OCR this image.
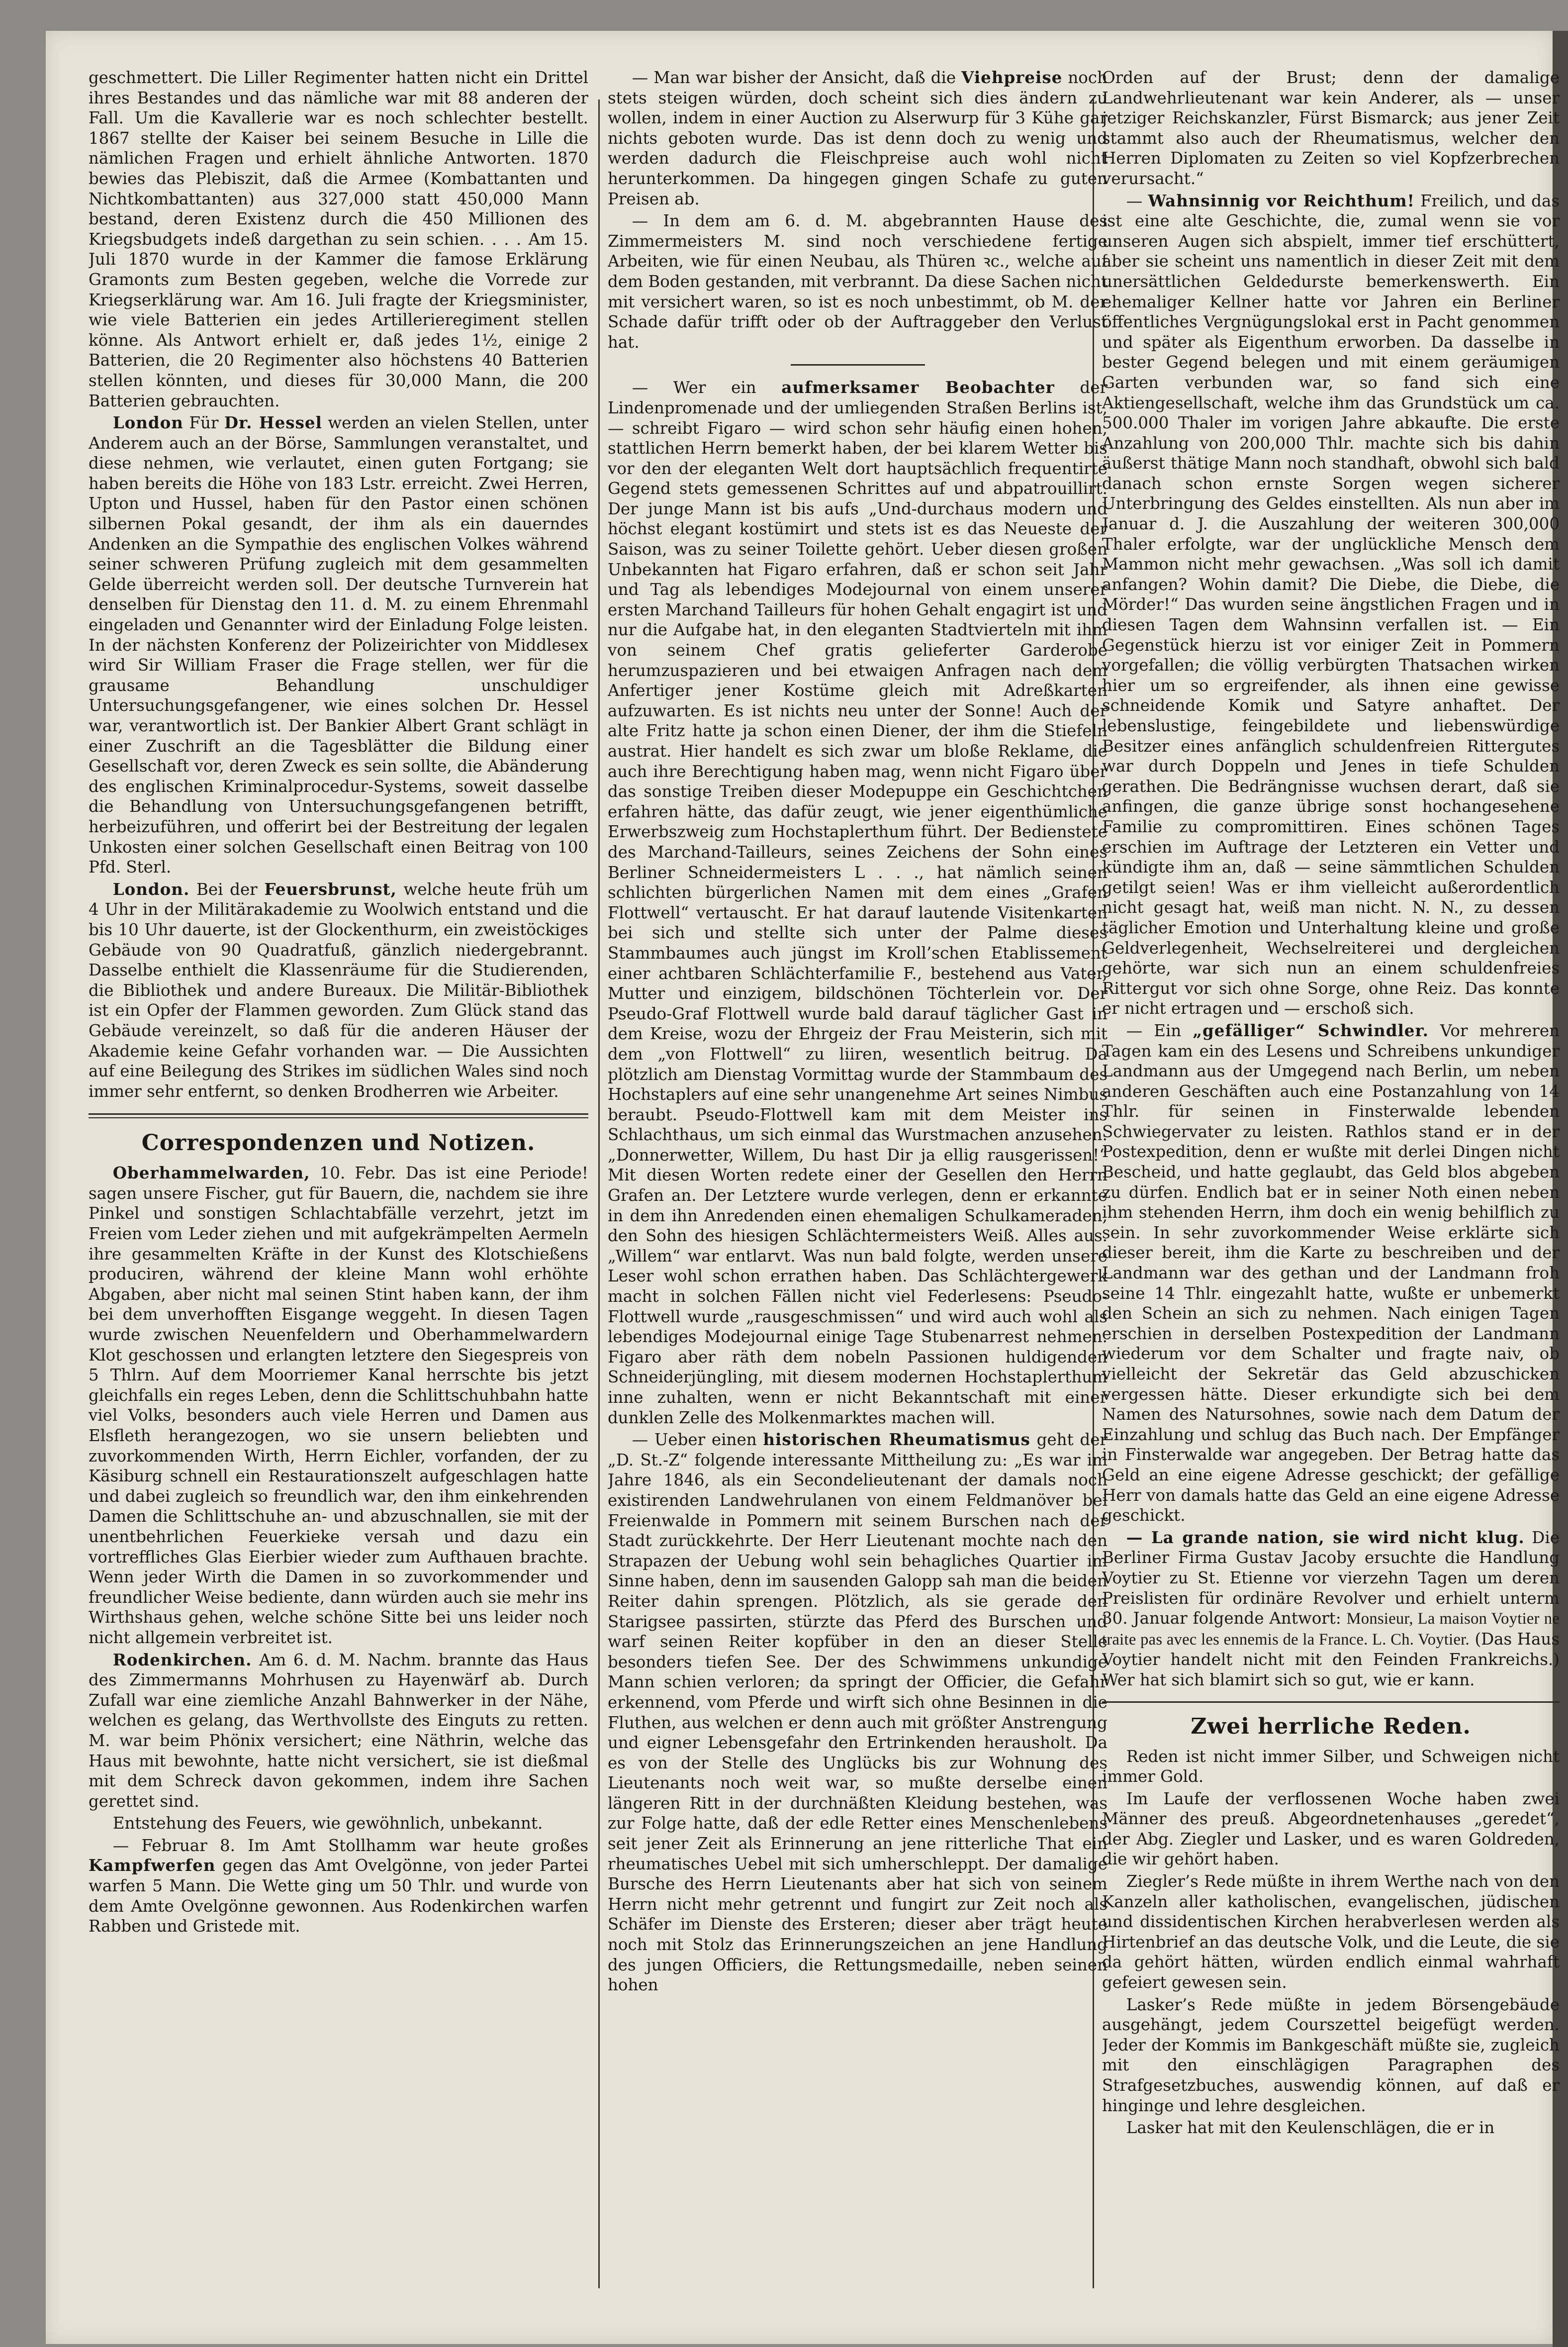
geschmettert. Die Liller Regimenter hatten nicht ein Drittel ihres Bestandes und das nämliche war mit 88 anderen der Fall. Um die Kavallerie war es noch schlechter bestellt. 1867 stellte der Kaiser bei seinem Besuche in Lille die nämlichen Fragen und erhielt ähnliche Antworten. 1870 bewies das Plebiszit, daß die Armee (Kombattanten und Nichtkombattanten) aus 327,000 statt 450,000 Mann bestand, deren Existenz durch die 450 Millionen des Kriegsbudgets indeß dargethan zu sein schien. . . . Am 15. Juli 1870 wurde in der Kammer die famose Erklärung Gramonts zum Besten gegeben, welche die Vorrede zur Kriegserklärung war. Am 16. Juli fragte der Kriegsminister, wie viele Batterien ein jedes Artillerieregiment stellen könne. Als Antwort erhielt er, daß jedes 1½, einige 2 Batterien, die 20 Regimenter also höchstens 40 Batterien stellen könnten, und dieses für 30,000 Mann, die 200 Batterien gebrauchten.

London Für Dr. Hessel werden an vielen Stellen, unter Anderem auch an der Börse, Sammlungen veranstaltet, und diese nehmen, wie verlautet, einen guten Fortgang; sie haben bereits die Höhe von 183 Lstr. erreicht. Zwei Herren, Upton und Hussel, haben für den Pastor einen schönen silbernen Pokal gesandt, der ihm als ein dauerndes Andenken an die Sympathie des englischen Volkes während seiner schweren Prüfung zugleich mit dem gesammelten Gelde überreicht werden soll. Der deutsche Turnverein hat denselben für Dienstag den 11. d. M. zu einem Ehrenmahl eingeladen und Genannter wird der Einladung Folge leisten. In der nächsten Konferenz der Polizeirichter von Middlesex wird Sir William Fraser die Frage stellen, wer für die grausame Behandlung unschuldiger Untersuchungsgefangener, wie eines solchen Dr. Hessel war, verantwortlich ist. Der Bankier Albert Grant schlägt in einer Zuschrift an die Tagesblätter die Bildung einer Gesellschaft vor, deren Zweck es sein sollte, die Abänderung des englischen Kriminalprocedur-Systems, soweit dasselbe die Behandlung von Untersuchungsgefangenen betrifft, herbeizuführen, und offerirt bei der Bestreitung der legalen Unkosten einer solchen Gesellschaft einen Beitrag von 100 Pfd. Sterl.

London. Bei der Feuersbrunst, welche heute früh um 4 Uhr in der Militärakademie zu Woolwich entstand und die bis 10 Uhr dauerte, ist der Glockenthurm, ein zweistöckiges Gebäude von 90 Quadratfuß, gänzlich niedergebrannt. Dasselbe enthielt die Klassenräume für die Studierenden, die Bibliothek und andere Bureaux. Die Militär-Bibliothek ist ein Opfer der Flammen geworden. Zum Glück stand das Gebäude vereinzelt, so daß für die anderen Häuser der Akademie keine Gefahr vorhanden war. — Die Aussichten auf eine Beilegung des Strikes im südlichen Wales sind noch immer sehr entfernt, so denken Brodherren wie Arbeiter.

Correspondenzen und Notizen.

Oberhammelwarden, 10. Febr. Das ist eine Periode! sagen unsere Fischer, gut für Bauern, die, nachdem sie ihre Pinkel und sonstigen Schlachtabfälle verzehrt, jetzt im Freien vom Leder ziehen und mit aufgekrämpelten Aermeln ihre gesammelten Kräfte in der Kunst des Klotschießens produciren, während der kleine Mann wohl erhöhte Abgaben, aber nicht mal seinen Stint haben kann, der ihm bei dem unverhofften Eisgange weggeht. In diesen Tagen wurde zwischen Neuenfeldern und Oberhammelwardern Klot geschossen und erlangten letztere den Siegespreis von 5 Thlrn. Auf dem Moorriemer Kanal herrschte bis jetzt gleichfalls ein reges Leben, denn die Schlittschuhbahn hatte viel Volks, besonders auch viele Herren und Damen aus Elsfleth herangezogen, wo sie unsern beliebten und zuvorkommenden Wirth, Herrn Eichler, vorfanden, der zu Käsiburg schnell ein Restaurationszelt aufgeschlagen hatte und dabei zugleich so freundlich war, den ihm einkehrenden Damen die Schlittschuhe an- und abzuschnallen, sie mit der unentbehrlichen Feuerkieke versah und dazu ein vortreffliches Glas Eierbier wieder zum Aufthauen brachte. Wenn jeder Wirth die Damen in so zuvorkommender und freundlicher Weise bediente, dann würden auch sie mehr ins Wirthshaus gehen, welche schöne Sitte bei uns leider noch nicht allgemein verbreitet ist.

Rodenkirchen. Am 6. d. M. Nachm. brannte das Haus des Zimmermanns Mohrhusen zu Hayenwärf ab. Durch Zufall war eine ziemliche Anzahl Bahnwerker in der Nähe, welchen es gelang, das Werthvollste des Einguts zu retten. M. war beim Phönix versichert; eine Näthrin, welche das Haus mit bewohnte, hatte nicht versichert, sie ist dießmal mit dem Schreck davon gekommen, indem ihre Sachen gerettet sind.

Entstehung des Feuers, wie gewöhnlich, unbekannt.

— Februar 8. Im Amt Stollhamm war heute großes Kampfwerfen gegen das Amt Ovelgönne, von jeder Partei warfen 5 Mann. Die Wette ging um 50 Thlr. und wurde von dem Amte Ovelgönne gewonnen. Aus Rodenkirchen warfen Rabben und Gristede mit.

— Man war bisher der Ansicht, daß die Viehpreise noch stets steigen würden, doch scheint sich dies ändern zu wollen, indem in einer Auction zu Alserwurp für 3 Kühe gar nichts geboten wurde. Das ist denn doch zu wenig und werden dadurch die Fleischpreise auch wohl nicht herunterkommen. Da hingegen gingen Schafe zu guten Preisen ab.

— In dem am 6. d. M. abgebrannten Hause des Zimmermeisters M. sind noch verschiedene fertige Arbeiten, wie für einen Neubau, als Thüren ꝛc., welche auf dem Boden gestanden, mit verbrannt. Da diese Sachen nicht mit versichert waren, so ist es noch unbestimmt, ob M. der Schade dafür trifft oder ob der Auftraggeber den Verlust hat.

— Wer ein aufmerksamer Beobachter der Lindenpromenade und der umliegenden Straßen Berlins ist, — schreibt Figaro — wird schon sehr häufig einen hohen, stattlichen Herrn bemerkt haben, der bei klarem Wetter bis vor den der eleganten Welt dort hauptsächlich frequentirte Gegend stets gemessenen Schrittes auf und abpatrouillirt. Der junge Mann ist bis aufs „Und-durchaus modern und höchst elegant kostümirt und stets ist es das Neueste der Saison, was zu seiner Toilette gehört. Ueber diesen großen Unbekannten hat Figaro erfahren, daß er schon seit Jahr und Tag als lebendiges Modejournal von einem unserer ersten Marchand Tailleurs für hohen Gehalt engagirt ist und nur die Aufgabe hat, in den eleganten Stadtvierteln mit ihm von seinem Chef gratis gelieferter Garderobe herumzuspazieren und bei etwaigen Anfragen nach dem Anfertiger jener Kostüme gleich mit Adreßkarten aufzuwarten. Es ist nichts neu unter der Sonne! Auch der alte Fritz hatte ja schon einen Diener, der ihm die Stiefeln austrat. Hier handelt es sich zwar um bloße Reklame, die auch ihre Berechtigung haben mag, wenn nicht Figaro über das sonstige Treiben dieser Modepuppe ein Geschichtchen erfahren hätte, das dafür zeugt, wie jener eigenthümliche Erwerbszweig zum Hochstaplerthum führt. Der Bedienstete des Marchand-Tailleurs, seines Zeichens der Sohn eines Berliner Schneidermeisters L . . ., hat nämlich seinen schlichten bürgerlichen Namen mit dem eines „Grafen Flottwell“ vertauscht. Er hat darauf lautende Visitenkarten bei sich und stellte sich unter der Palme dieses Stammbaumes auch jüngst im Kroll’schen Etablissement einer achtbaren Schlächterfamilie F., bestehend aus Vater, Mutter und einzigem, bildschönen Töchterlein vor. Der Pseudo-Graf Flottwell wurde bald darauf täglicher Gast in dem Kreise, wozu der Ehrgeiz der Frau Meisterin, sich mit dem „von Flottwell“ zu liiren, wesentlich beitrug. Da plötzlich am Dienstag Vormittag wurde der Stammbaum des Hochstaplers auf eine sehr unangenehme Art seines Nimbus beraubt. Pseudo-Flottwell kam mit dem Meister ins Schlachthaus, um sich einmal das Wurstmachen anzusehen. „Donnerwetter, Willem, Du hast Dir ja ellig rausgerissen!“ Mit diesen Worten redete einer der Gesellen den Herrn Grafen an. Der Letztere wurde verlegen, denn er erkannte in dem ihn Anredenden einen ehemaligen Schulkameraden, den Sohn des hiesigen Schlächtermeisters Weiß. Alles aus. „Willem“ war entlarvt. Was nun bald folgte, werden unsere Leser wohl schon errathen haben. Das Schlächtergewerk macht in solchen Fällen nicht viel Federlesens: Pseudo-Flottwell wurde „rausgeschmissen“ und wird auch wohl als lebendiges Modejournal einige Tage Stubenarrest nehmen. Figaro aber räth dem nobeln Passionen huldigenden Schneiderjüngling, mit diesem modernen Hochstaplerthum inne zuhalten, wenn er nicht Bekanntschaft mit einer dunklen Zelle des Molkenmarktes machen will.

— Ueber einen historischen Rheumatismus geht der „D. St.-Z“ folgende interessante Mittheilung zu: „Es war im Jahre 1846, als ein Secondelieutenant der damals noch existirenden Landwehrulanen von einem Feldmanöver bei Freienwalde in Pommern mit seinem Burschen nach der Stadt zurückkehrte. Der Herr Lieutenant mochte nach den Strapazen der Uebung wohl sein behagliches Quartier im Sinne haben, denn im sausenden Galopp sah man die beiden Reiter dahin sprengen. Plötzlich, als sie gerade den Starigsee passirten, stürzte das Pferd des Burschen und warf seinen Reiter kopfüber in den an dieser Stelle besonders tiefen See. Der des Schwimmens unkundige Mann schien verloren; da springt der Officier, die Gefahr erkennend, vom Pferde und wirft sich ohne Besinnen in die Fluthen, aus welchen er denn auch mit größter Anstrengung und eigner Lebensgefahr den Ertrinkenden herausholt. Da es von der Stelle des Unglücks bis zur Wohnung des Lieutenants noch weit war, so mußte derselbe einen längeren Ritt in der durchnäßten Kleidung bestehen, was zur Folge hatte, daß der edle Retter eines Menschenlebens seit jener Zeit als Erinnerung an jene ritterliche That ein rheumatisches Uebel mit sich umherschleppt. Der damalige Bursche des Herrn Lieutenants aber hat sich von seinem Herrn nicht mehr getrennt und fungirt zur Zeit noch als Schäfer im Dienste des Ersteren; dieser aber trägt heute noch mit Stolz das Erinnerungszeichen an jene Handlung des jungen Officiers, die Rettungsmedaille, neben seinen hohen

Orden auf der Brust; denn der damalige Landwehrlieutenant war kein Anderer, als — unser jetziger Reichskanzler, Fürst Bismarck; aus jener Zeit stammt also auch der Rheumatismus, welcher den Herren Diplomaten zu Zeiten so viel Kopfzerbrechen verursacht.“

— Wahnsinnig vor Reichthum! Freilich, und das ist eine alte Geschichte, die, zumal wenn sie vor unseren Augen sich abspielt, immer tief erschüttert, aber sie scheint uns namentlich in dieser Zeit mit dem unersättlichen Geldedurste bemerkenswerth. Ein ehemaliger Kellner hatte vor Jahren ein Berliner öffentliches Vergnügungslokal erst in Pacht genommen und später als Eigenthum erworben. Da dasselbe in bester Gegend belegen und mit einem geräumigen Garten verbunden war, so fand sich eine Aktiengesellschaft, welche ihm das Grundstück um ca. 500.000 Thaler im vorigen Jahre abkaufte. Die erste Anzahlung von 200,000 Thlr. machte sich bis dahin äußerst thätige Mann noch standhaft, obwohl sich bald danach schon ernste Sorgen wegen sicherer Unterbringung des Geldes einstellten. Als nun aber im Januar d. J. die Auszahlung der weiteren 300,000 Thaler erfolgte, war der unglückliche Mensch dem Mammon nicht mehr gewachsen. „Was soll ich damit anfangen? Wohin damit? Die Diebe, die Diebe, die Mörder!“ Das wurden seine ängstlichen Fragen und in diesen Tagen dem Wahnsinn verfallen ist. — Ein Gegenstück hierzu ist vor einiger Zeit in Pommern vorgefallen; die völlig verbürgten Thatsachen wirken hier um so ergreifender, als ihnen eine gewisse schneidende Komik und Satyre anhaftet. Der lebenslustige, feingebildete und liebenswürdige Besitzer eines anfänglich schuldenfreien Rittergutes war durch Doppeln und Jenes in tiefe Schulden gerathen. Die Bedrängnisse wuchsen derart, daß sie anfingen, die ganze übrige sonst hochangesehene Familie zu compromittiren. Eines schönen Tages erschien im Auftrage der Letzteren ein Vetter und kündigte ihm an, daß — seine sämmtlichen Schulden getilgt seien! Was er ihm vielleicht außerordentlich nicht gesagt hat, weiß man nicht. N. N., zu dessen täglicher Emotion und Unterhaltung kleine und große Geldverlegenheit, Wechselreiterei und dergleichen gehörte, war sich nun an einem schuldenfreies Rittergut vor sich ohne Sorge, ohne Reiz. Das konnte er nicht ertragen und — erschoß sich.

— Ein „gefälliger“ Schwindler. Vor mehreren Tagen kam ein des Lesens und Schreibens unkundiger Landmann aus der Umgegend nach Berlin, um neben anderen Geschäften auch eine Postanzahlung von 14 Thlr. für seinen in Finsterwalde lebenden Schwiegervater zu leisten. Rathlos stand er in der Postexpedition, denn er wußte mit derlei Dingen nicht Bescheid, und hatte geglaubt, das Geld blos abgeben zu dürfen. Endlich bat er in seiner Noth einen neben ihm stehenden Herrn, ihm doch ein wenig behilflich zu sein. In sehr zuvorkommender Weise erklärte sich dieser bereit, ihm die Karte zu beschreiben und der Landmann war des gethan und der Landmann froh seine 14 Thlr. eingezahlt hatte, wußte er unbemerkt den Schein an sich zu nehmen. Nach einigen Tagen erschien in derselben Postexpedition der Landmann wiederum vor dem Schalter und fragte naiv, ob vielleicht der Sekretär das Geld abzuschicken vergessen hätte. Dieser erkundigte sich bei dem Namen des Natursohnes, sowie nach dem Datum der Einzahlung und schlug das Buch nach. Der Empfänger in Finsterwalde war angegeben. Der Betrag hatte das Geld an eine eigene Adresse geschickt; der gefällige Herr von damals hatte das Geld an eine eigene Adresse geschickt.

— La grande nation, sie wird nicht klug. Die Berliner Firma Gustav Jacoby ersuchte die Handlung Voytier zu St. Etienne vor vierzehn Tagen um deren Preislisten für ordinäre Revolver und erhielt unterm 30. Januar folgende Antwort: Monsieur, La maison Voytier ne traite pas avec les ennemis de la France. L. Ch. Voytier. (Das Haus Voytier handelt nicht mit den Feinden Frankreichs.) Wer hat sich blamirt sich so gut, wie er kann.

Zwei herrliche Reden.

Reden ist nicht immer Silber, und Schweigen nicht immer Gold.

Im Laufe der verflossenen Woche haben zwei Männer des preuß. Abgeordnetenhauses „geredet“, der Abg. Ziegler und Lasker, und es waren Goldreden, die wir gehört haben.

Ziegler’s Rede müßte in ihrem Werthe nach von den Kanzeln aller katholischen, evangelischen, jüdischen und dissidentischen Kirchen herabverlesen werden als Hirtenbrief an das deutsche Volk, und die Leute, die sie da gehört hätten, würden endlich einmal wahrhaft gefeiert gewesen sein.

Lasker’s Rede müßte in jedem Börsengebäude ausgehängt, jedem Courszettel beigefügt werden. Jeder der Kommis im Bankgeschäft müßte sie, zugleich mit den einschlägigen Paragraphen des Strafgesetzbuches, auswendig können, auf daß er hingingе und lehre desgleichen.

Lasker hat mit den Keulenschlägen, die er in
